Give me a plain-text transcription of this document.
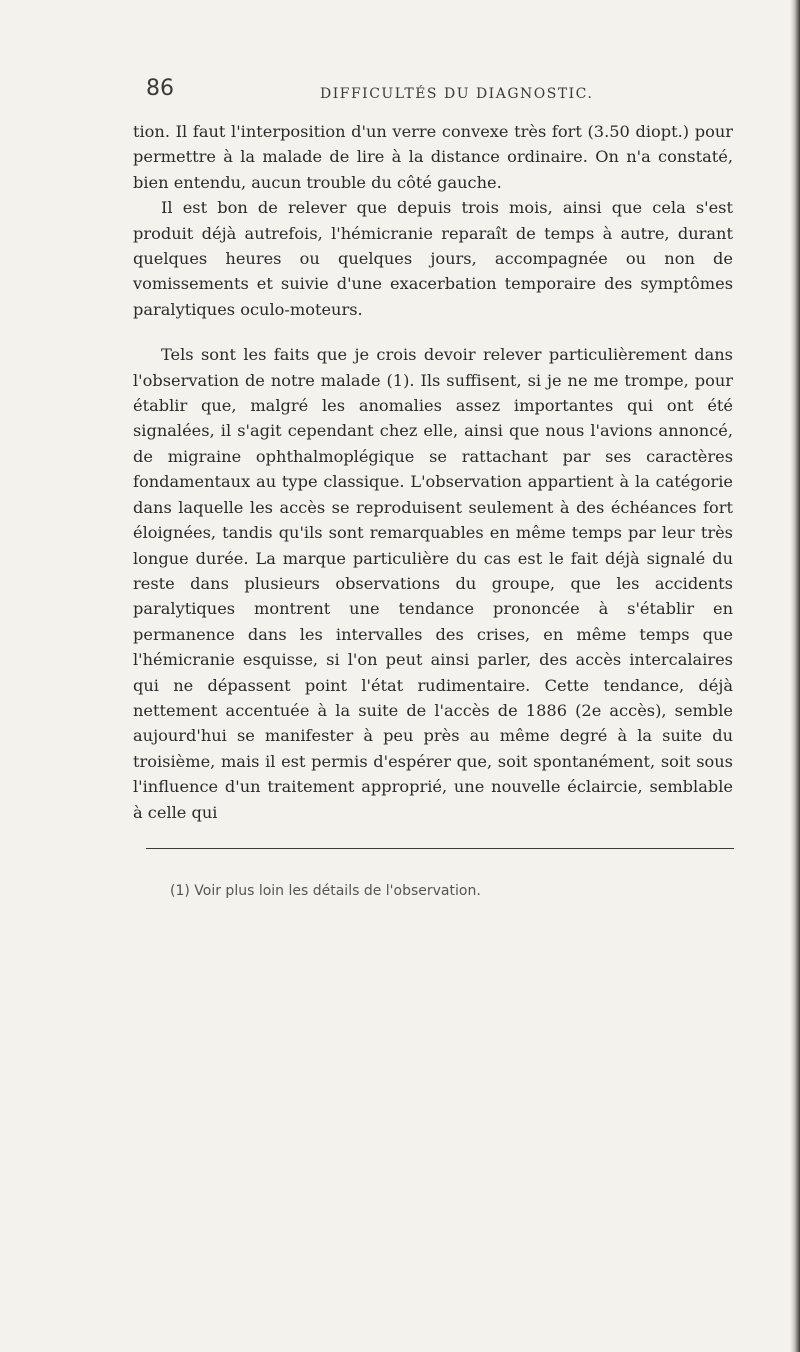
86	DIFFICULTÉS DU DIAGNOSTIC.

tion. Il faut l'interposition d'un verre convexe très fort (3.50 diopt.) pour permettre à la malade de lire à la distance ordinaire. On n'a constaté, bien entendu, aucun trouble du côté gauche.

Il est bon de relever que depuis trois mois, ainsi que cela s'est produit déjà autrefois, l'hémicranie reparaît de temps à autre, durant quelques heures ou quelques jours, accompagnée ou non de vomissements et suivie d'une exacerbation temporaire des symptômes paralytiques oculo-moteurs.

Tels sont les faits que je crois devoir relever particulièrement dans l'observation de notre malade (1). Ils suffisent, si je ne me trompe, pour établir que, malgré les anomalies assez importantes qui ont été signalées, il s'agit cependant chez elle, ainsi que nous l'avions annoncé, de migraine ophthalmoplégique se rattachant par ses caractères fondamentaux au type classique. L'observation appartient à la catégorie dans laquelle les accès se reproduisent seulement à des échéances fort éloignées, tandis qu'ils sont remarquables en même temps par leur très longue durée. La marque particulière du cas est le fait déjà signalé du reste dans plusieurs observations du groupe, que les accidents paralytiques montrent une tendance prononcée à s'établir en permanence dans les intervalles des crises, en même temps que l'hémicranie esquisse, si l'on peut ainsi parler, des accès intercalaires qui ne dépassent point l'état rudimentaire. Cette tendance, déjà nettement accentuée à la suite de l'accès de 1886 (2e accès), semble aujourd'hui se manifester à peu près au même degré à la suite du troisième, mais il est permis d'espérer que, soit spontanément, soit sous l'influence d'un traitement approprié, une nouvelle éclaircie, semblable à celle qui

(1) Voir plus loin les détails de l'observation.
